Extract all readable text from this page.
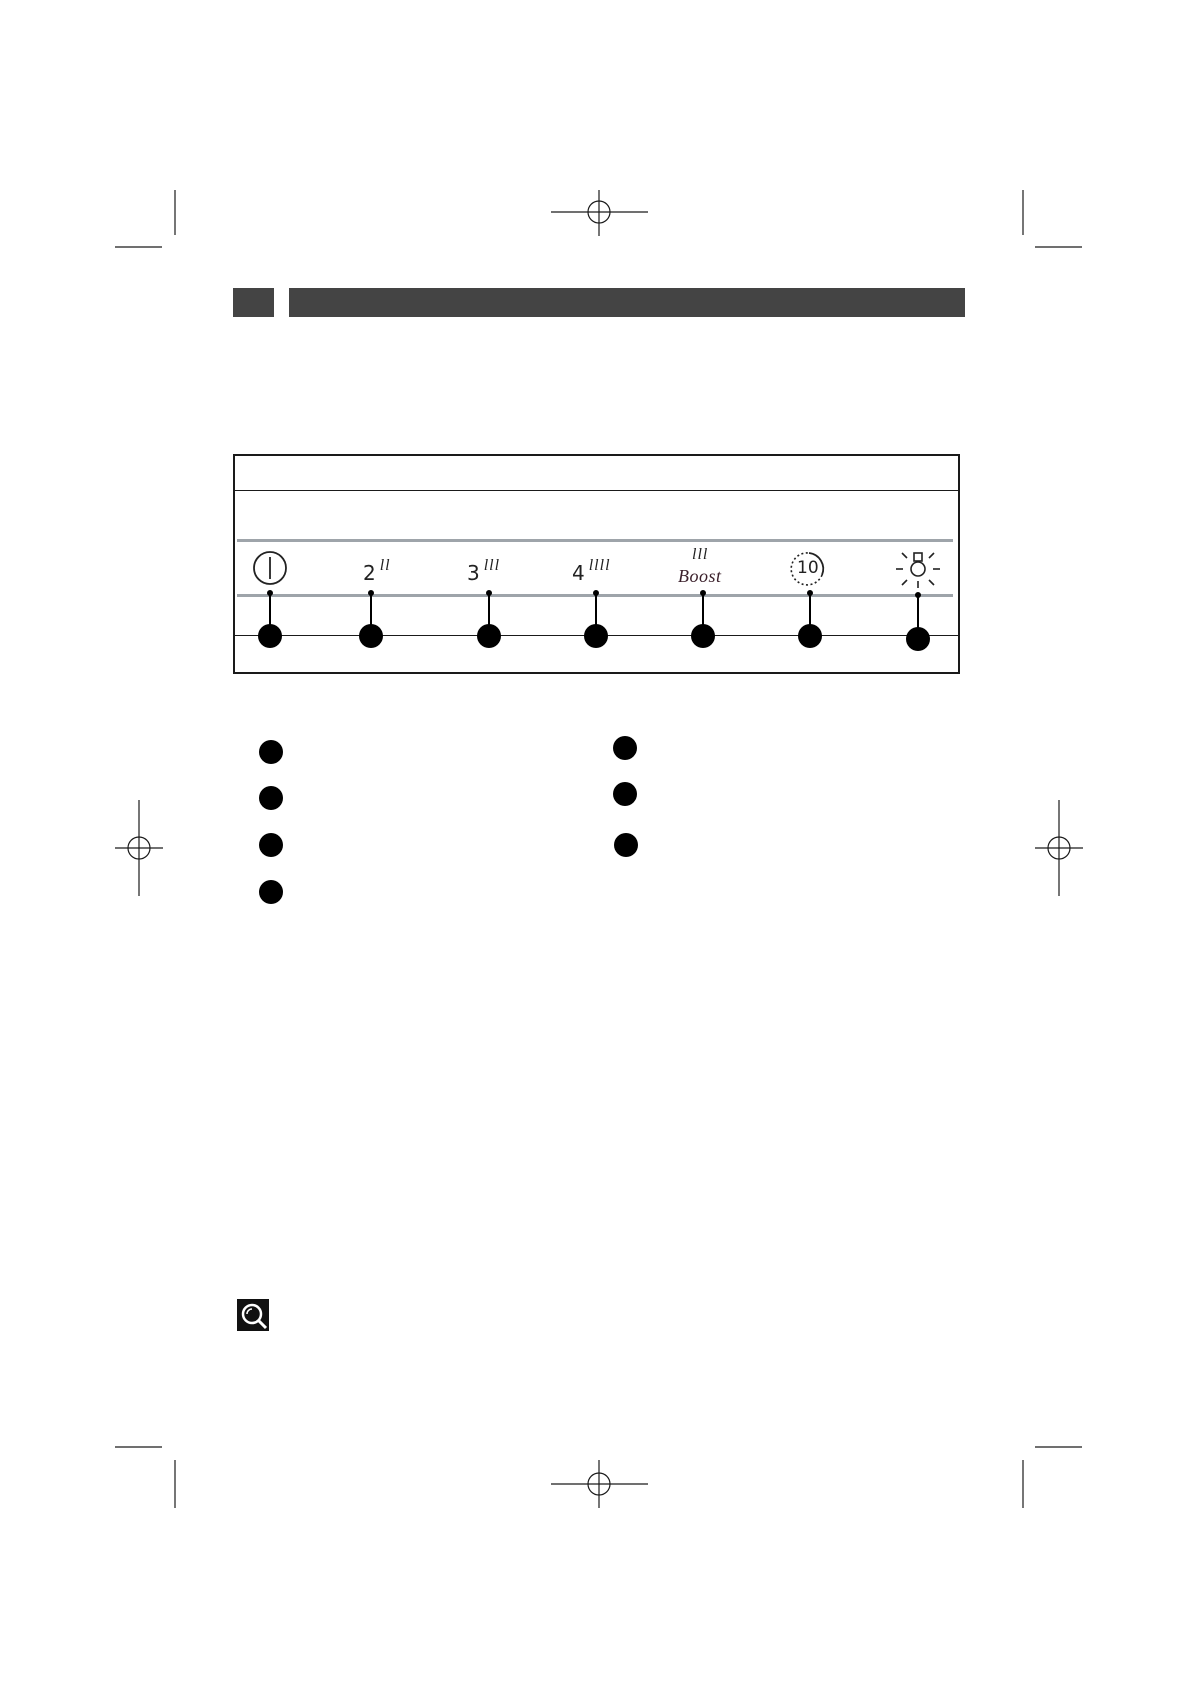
2 $^{ll}$	3 $^{lll}$	4 $^{llll}$
lll
Boost	10
